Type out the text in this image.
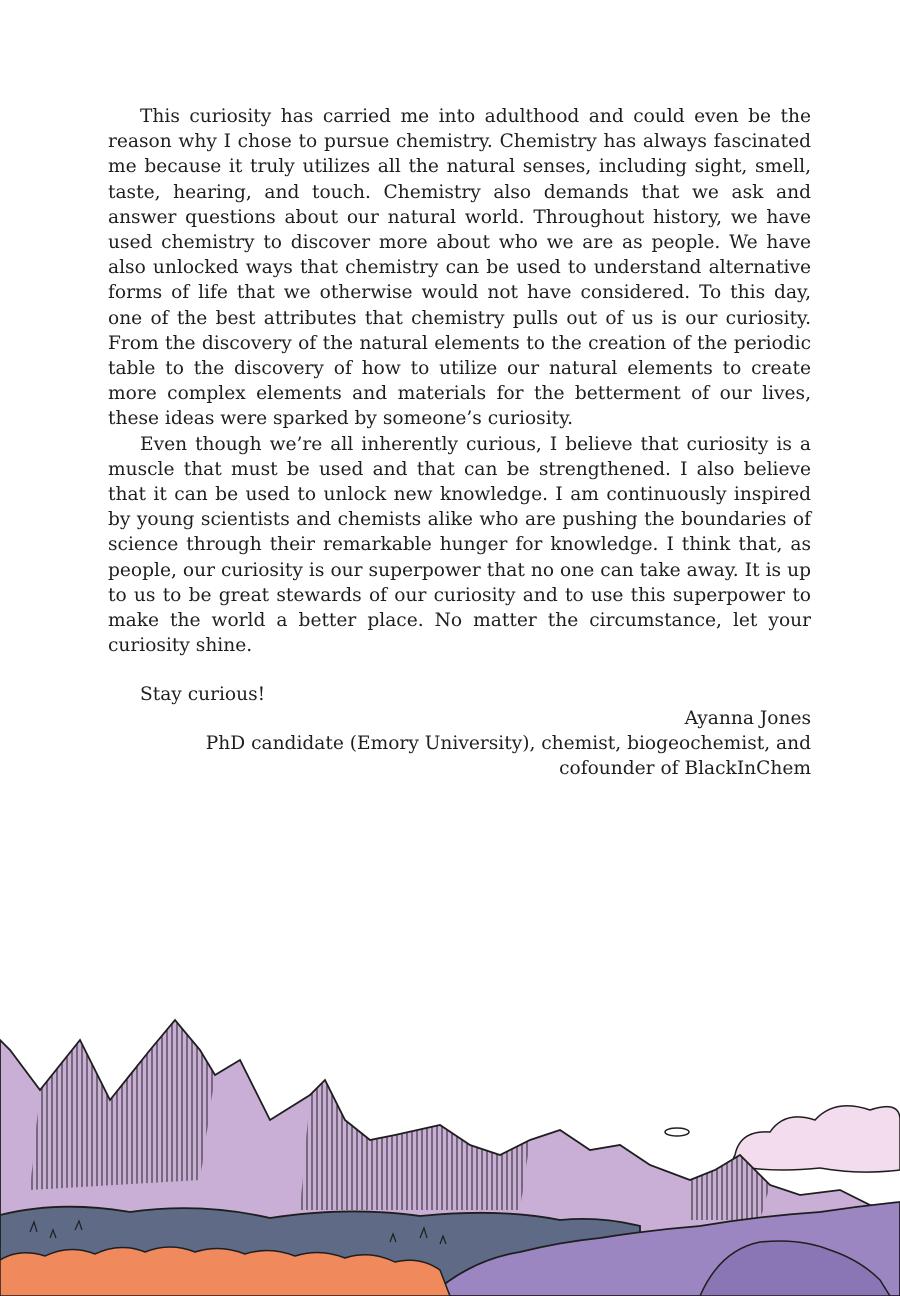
This curiosity has carried me into adulthood and could even be the reason why I chose to pursue chemistry. Chemistry has always fascinated me because it truly utilizes all the natural senses, including sight, smell, taste, hearing, and touch. Chemistry also demands that we ask and answer questions about our natural world. Throughout history, we have used chemistry to discover more about who we are as people. We have also unlocked ways that chemistry can be used to understand alternative forms of life that we otherwise would not have considered. To this day, one of the best attributes that chemistry pulls out of us is our curiosity. From the discovery of the natural elements to the creation of the periodic table to the discovery of how to utilize our natural elements to create more complex elements and materials for the betterment of our lives, these ideas were sparked by someone’s curiosity.

Even though we’re all inherently curious, I believe that curiosity is a muscle that must be used and that can be strengthened. I also believe that it can be used to unlock new knowledge. I am continuously inspired by young scientists and chemists alike who are pushing the boundaries of science through their remarkable hunger for knowledge. I think that, as people, our curiosity is our superpower that no one can take away. It is up to us to be great stewards of our curiosity and to use this superpower to make the world a better place. No matter the circumstance, let your curiosity shine.

Stay curious!

Ayanna Jones
PhD candidate (Emory University), chemist, biogeochemist, and
cofounder of BlackInChem
